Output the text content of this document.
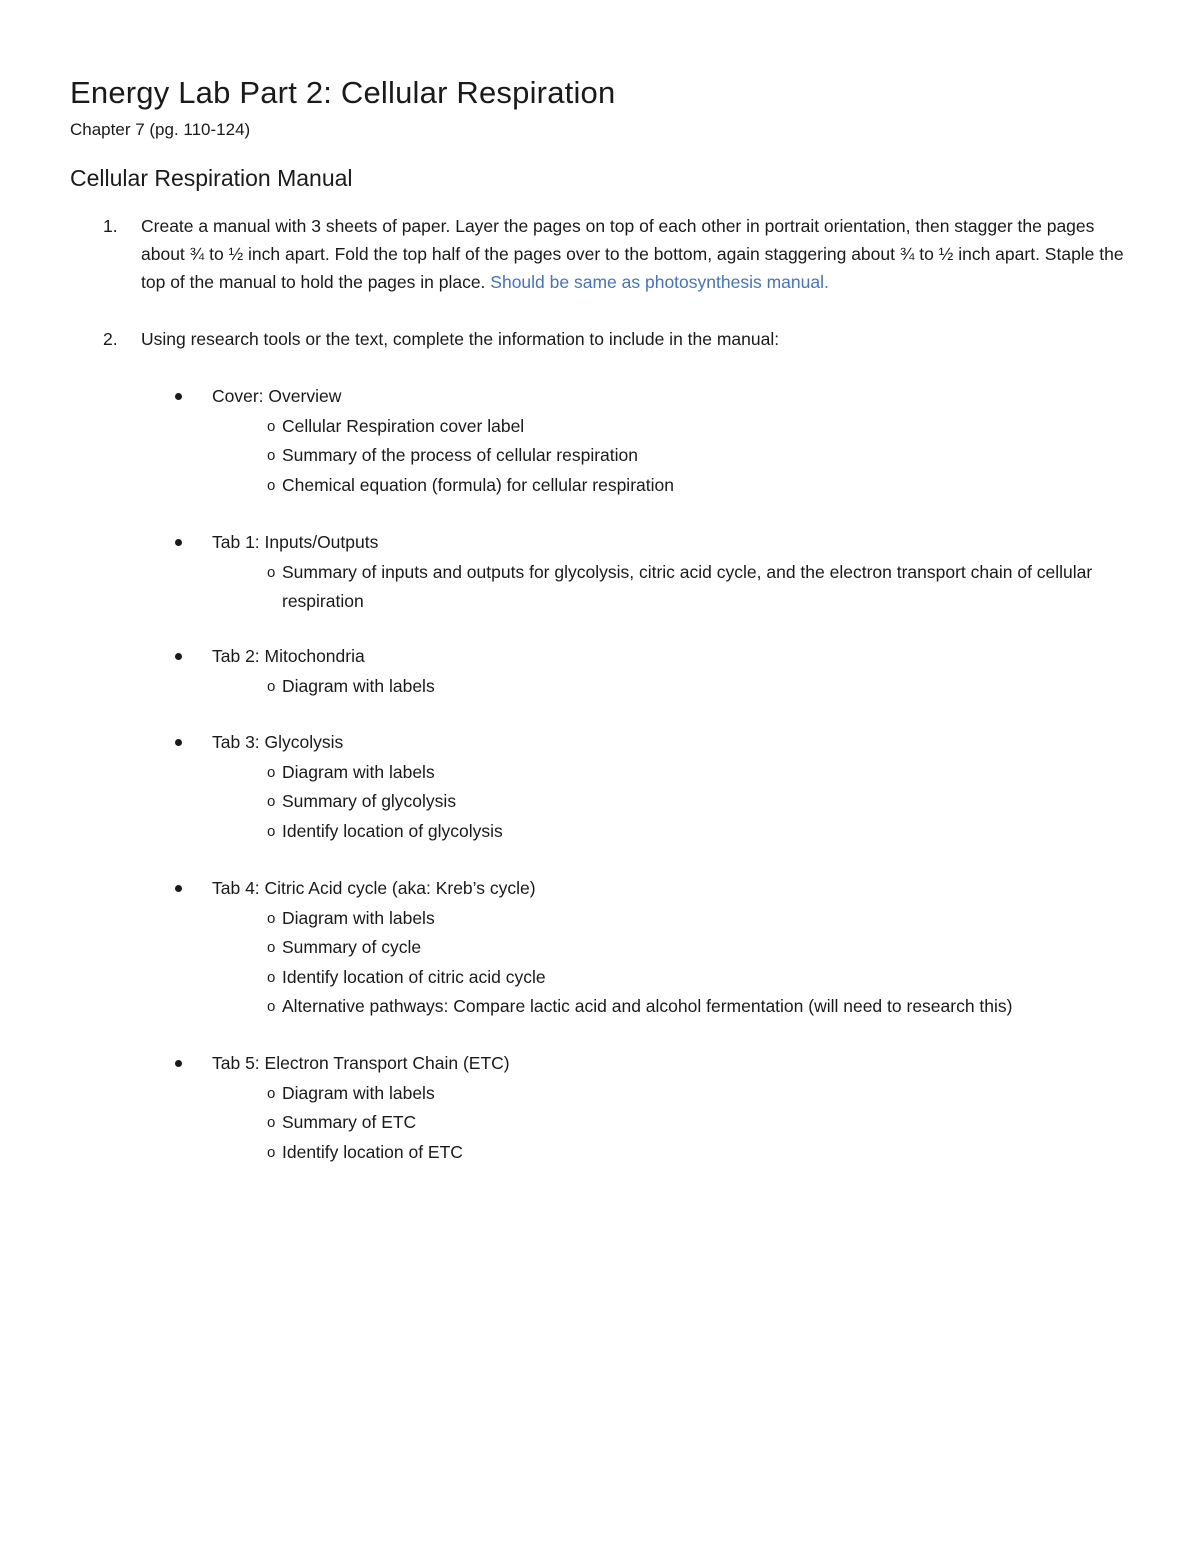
Energy Lab Part 2: Cellular Respiration

Chapter 7 (pg. 110-124)

Cellular Respiration Manual
1. Create a manual with 3 sheets of paper. Layer the pages on top of each other in portrait orientation, then stagger the pages about ¾ to ½ inch apart. Fold the top half of the pages over to the bottom, again staggering about ¾ to ½ inch apart. Staple the top of the manual to hold the pages in place. Should be same as photosynthesis manual.
2. Using research tools or the text, complete the information to include in the manual:
Cover: Overview
o Cellular Respiration cover label
o Summary of the process of cellular respiration
o Chemical equation (formula) for cellular respiration
Tab 1: Inputs/Outputs
o Summary of inputs and outputs for glycolysis, citric acid cycle, and the electron transport chain of cellular respiration
Tab 2: Mitochondria
o Diagram with labels
Tab 3: Glycolysis
o Diagram with labels
o Summary of glycolysis
o Identify location of glycolysis
Tab 4: Citric Acid cycle (aka: Kreb’s cycle)
o Diagram with labels
o Summary of cycle
o Identify location of citric acid cycle
o Alternative pathways: Compare lactic acid and alcohol fermentation (will need to research this)
Tab 5: Electron Transport Chain (ETC)
o Diagram with labels
o Summary of ETC
o Identify location of ETC
